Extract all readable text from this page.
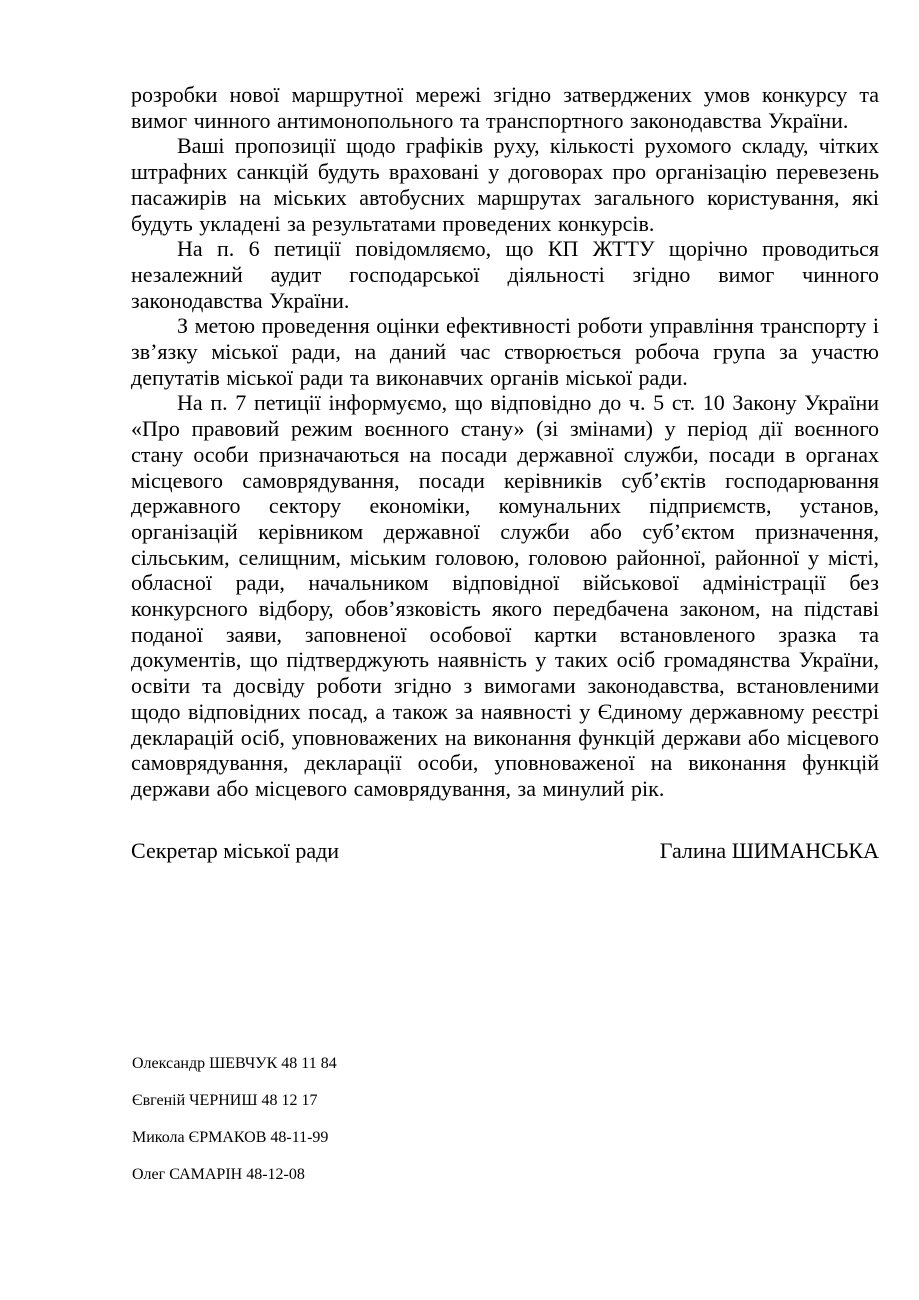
розробки нової маршрутної мережі згідно затверджених умов конкурсу та вимог чинного антимонопольного та транспортного законодавства України.

Ваші пропозиції щодо графіків руху, кількості рухомого складу, чітких штрафних санкцій будуть враховані у договорах про організацію перевезень пасажирів на міських автобусних маршрутах загального користування, які будуть укладені за результатами проведених конкурсів.

На п. 6 петиції повідомляємо, що КП ЖТТУ щорічно проводиться незалежний аудит господарської діяльності згідно вимог чинного законодавства України.

З метою проведення оцінки ефективності роботи управління транспорту і зв’язку міської ради, на даний час створюється робоча група за участю депутатів міської ради та виконавчих органів міської ради.

На п. 7 петиції інформуємо, що відповідно до ч. 5 ст. 10 Закону України «Про правовий режим воєнного стану» (зі змінами) у період дії воєнного стану особи призначаються на посади державної служби, посади в органах місцевого самоврядування, посади керівників суб’єктів господарювання державного сектору економіки, комунальних підприємств, установ, організацій керівником державної служби або суб’єктом призначення, сільським, селищним, міським головою, головою районної, районної у місті, обласної ради, начальником відповідної військової адміністрації без конкурсного відбору, обов’язковість якого передбачена законом, на підставі поданої заяви, заповненої особової картки встановленого зразка та документів, що підтверджують наявність у таких осіб громадянства України, освіти та досвіду роботи згідно з вимогами законодавства, встановленими щодо відповідних посад, а також за наявності у Єдиному державному реєстрі декларацій осіб, уповноважених на виконання функцій держави або місцевого самоврядування, декларації особи, уповноваженої на виконання функцій держави або місцевого самоврядування, за минулий рік.

Секретар міської ради	Галина ШИМАНСЬКА

Олександр ШЕВЧУК 48 11 84

Євгеній ЧЕРНИШ 48 12 17

Микола ЄРМАКОВ 48-11-99

Олег САМАРІН 48-12-08
